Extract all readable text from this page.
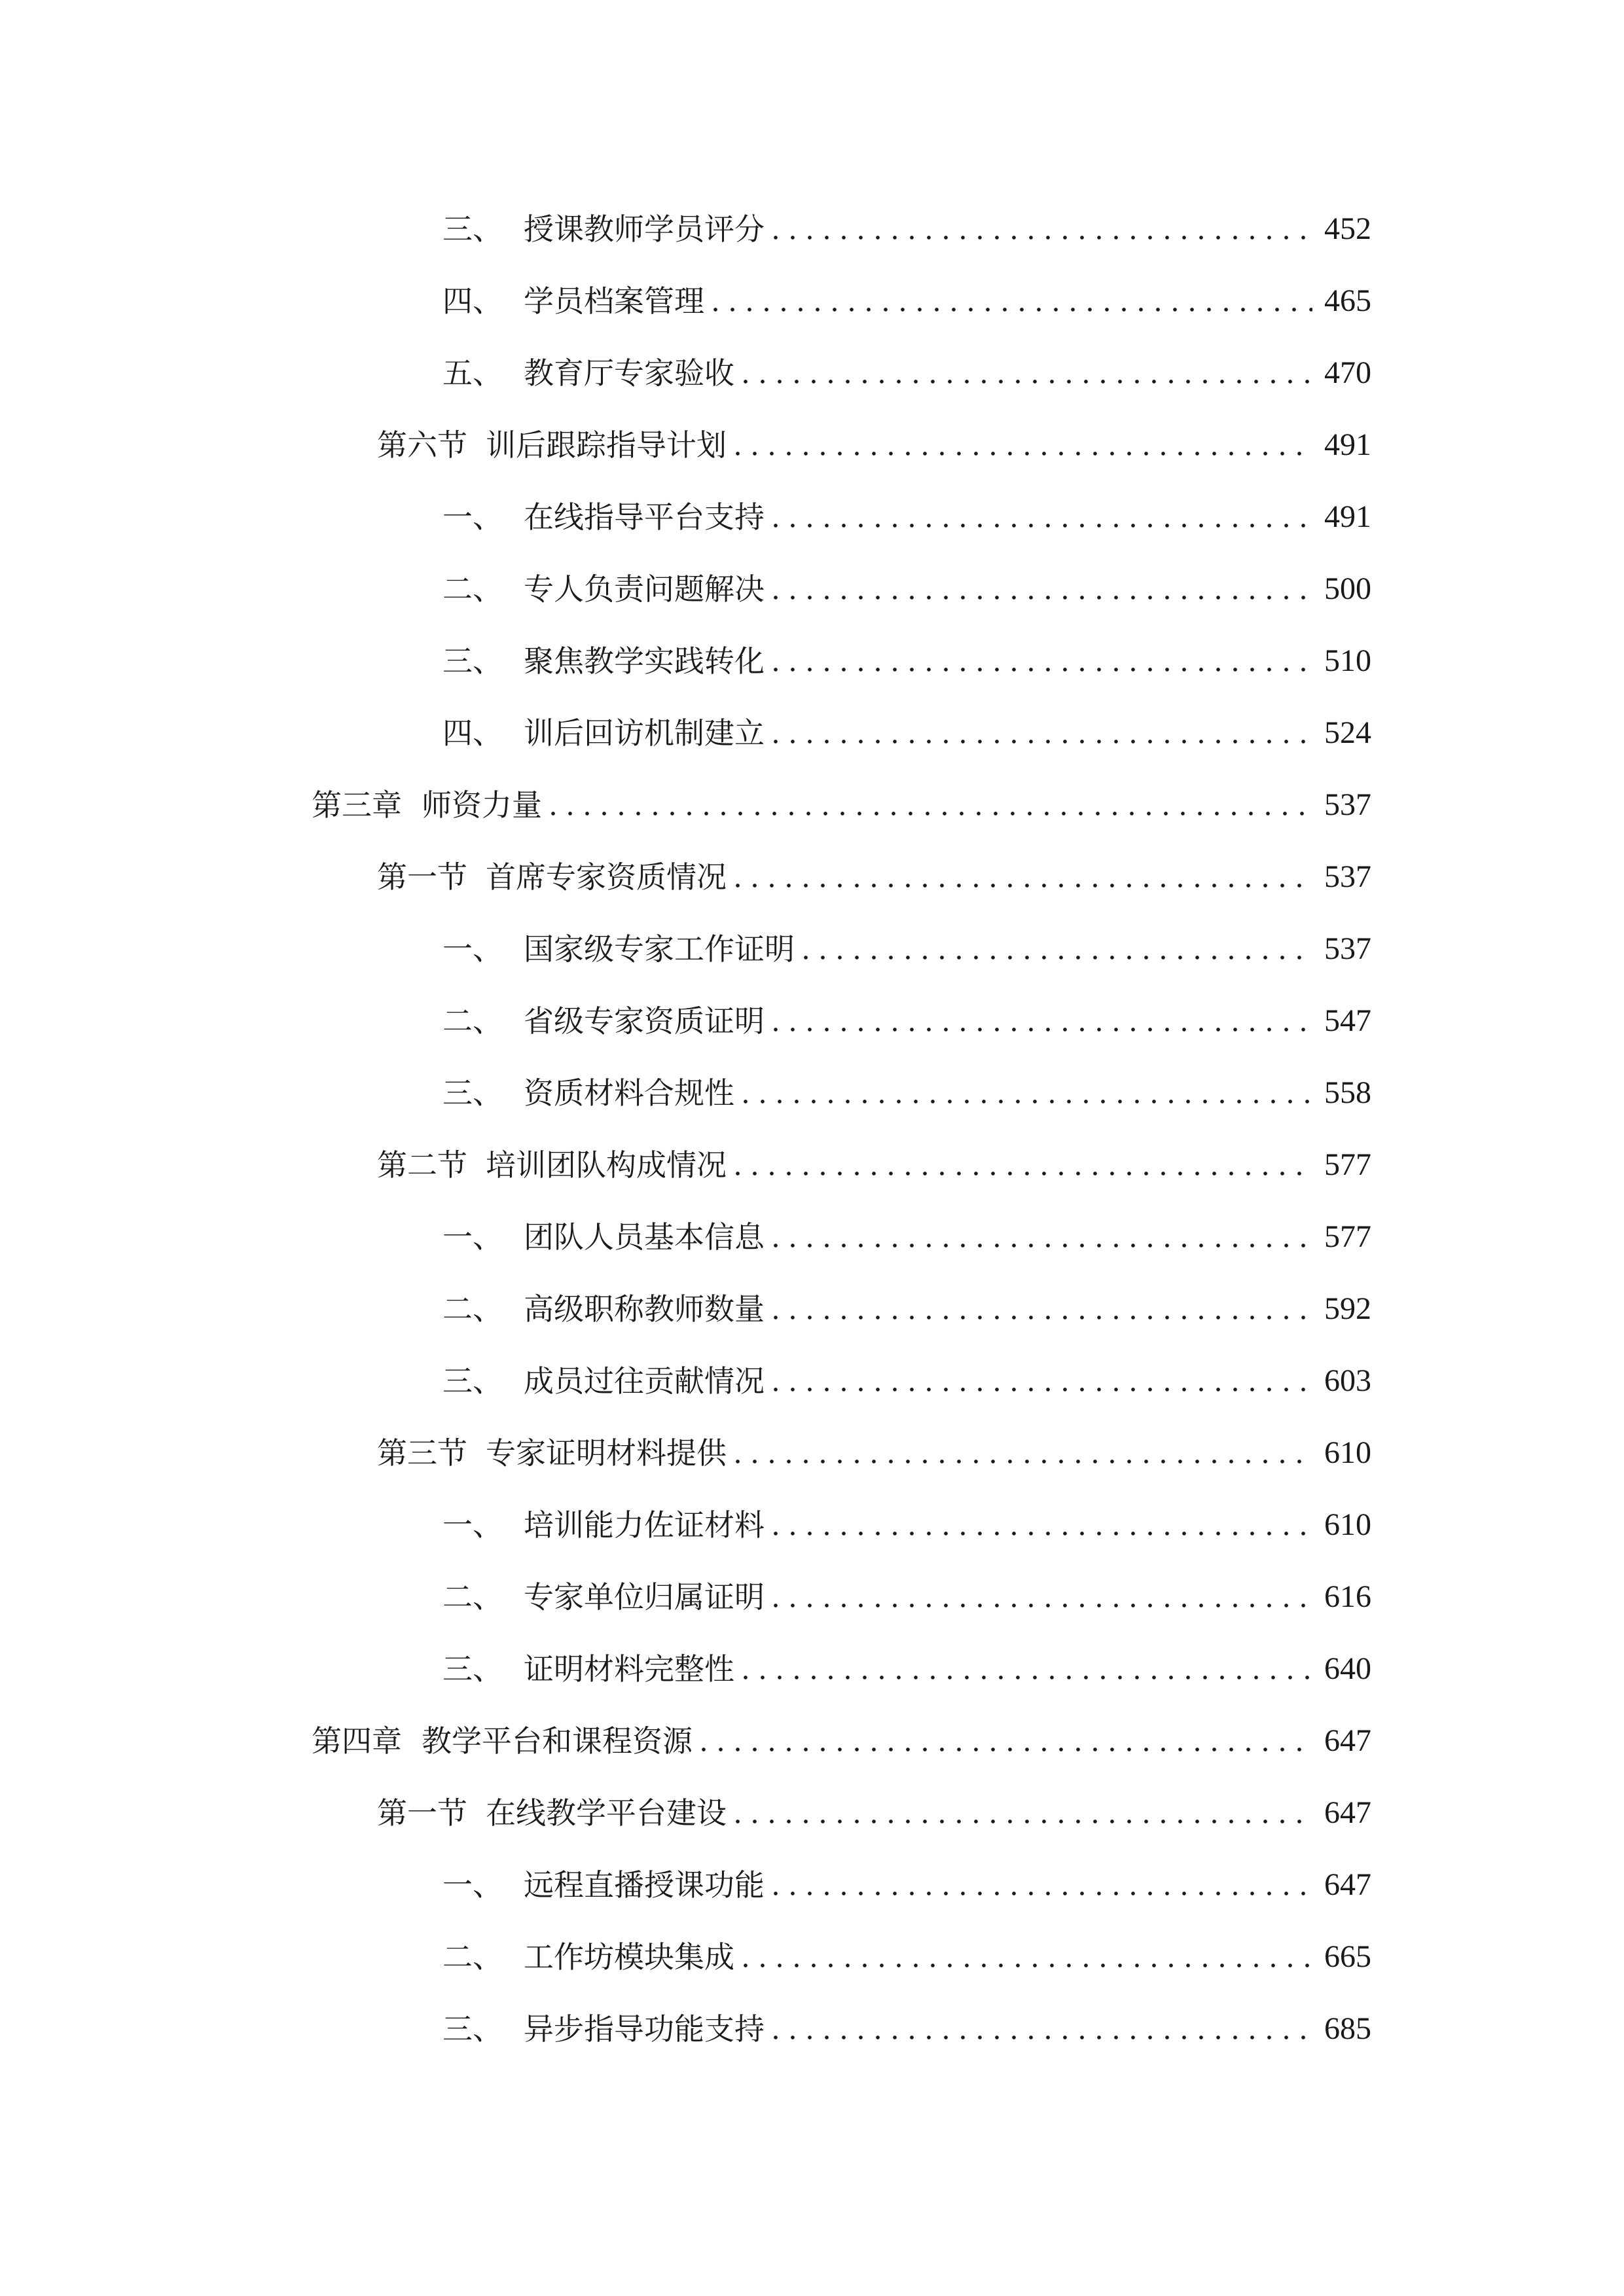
三、 授课教师学员评分	452
四、 学员档案管理	465
五、 教育厅专家验收	470
第六节 训后跟踪指导计划	491
一、 在线指导平台支持	491
二、 专人负责问题解决	500
三、 聚焦教学实践转化	510
四、 训后回访机制建立	524
第三章 师资力量	537
第一节 首席专家资质情况	537
一、 国家级专家工作证明	537
二、 省级专家资质证明	547
三、 资质材料合规性	558
第二节 培训团队构成情况	577
一、 团队人员基本信息	577
二、 高级职称教师数量	592
三、 成员过往贡献情况	603
第三节 专家证明材料提供	610
一、 培训能力佐证材料	610
二、 专家单位归属证明	616
三、 证明材料完整性	640
第四章 教学平台和课程资源	647
第一节 在线教学平台建设	647
一、 远程直播授课功能	647
二、 工作坊模块集成	665
三、 异步指导功能支持	685
